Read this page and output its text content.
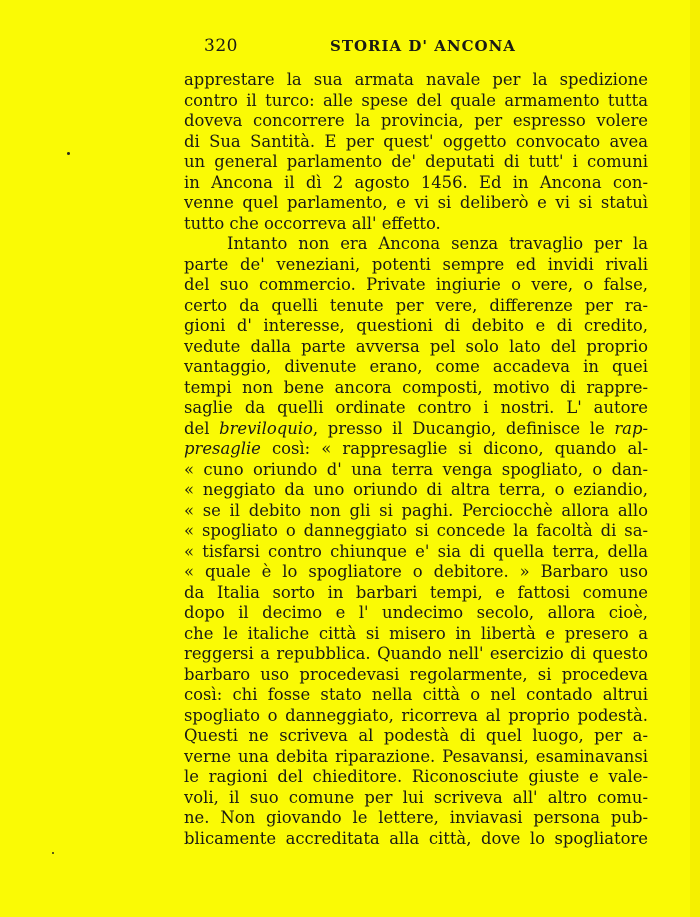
320	STORIA D' ANCONA
apprestare la sua armata navale per la spedizione
contro il turco: alle spese del quale armamento tutta
doveva concorrere la provincia, per espresso volere
di Sua Santità. E per quest' oggetto convocato avea
un general parlamento de' deputati di tutt' i comuni
in Ancona il dì 2 agosto 1456. Ed in Ancona con-
venne quel parlamento, e vi si deliberò e vi si statuì
tutto che occorreva all' effetto.
Intanto non era Ancona senza travaglio per la
parte de' veneziani, potenti sempre ed invidi rivali
del suo commercio. Private ingiurie o vere, o false,
certo da quelli tenute per vere, differenze per ra-
gioni d' interesse, questioni di debito e di credito,
vedute dalla parte avversa pel solo lato del proprio
vantaggio, divenute erano, come accadeva in quei
tempi non bene ancora composti, motivo di rappre-
saglie da quelli ordinate contro i nostri. L' autore
del breviloquio, presso il Ducangio, definisce le rap-
presaglie così: « rappresaglie si dicono, quando al-
« cuno oriundo d' una terra venga spogliato, o dan-
« neggiato da uno oriundo di altra terra, o eziandio,
« se il debito non gli si paghi. Perciocchè allora allo
« spogliato o danneggiato si concede la facoltà di sa-
« tisfarsi contro chiunque e' sia di quella terra, della
« quale è lo spogliatore o debitore. » Barbaro uso
da Italia sorto in barbari tempi, e fattosi comune
dopo il decimo e l' undecimo secolo, allora cioè,
che le italiche città si misero in libertà e presero a
reggersi a repubblica. Quando nell' esercizio di questo
barbaro uso procedevasi regolarmente, si procedeva
così: chi fosse stato nella città o nel contado altrui
spogliato o danneggiato, ricorreva al proprio podestà.
Questi ne scriveva al podestà di quel luogo, per a-
verne una debita riparazione. Pesavansi, esaminavansi
le ragioni del chieditore. Riconosciute giuste e vale-
voli, il suo comune per lui scriveva all' altro comu-
ne. Non giovando le lettere, inviavasi persona pub-
blicamente accreditata alla città, dove lo spogliatore
